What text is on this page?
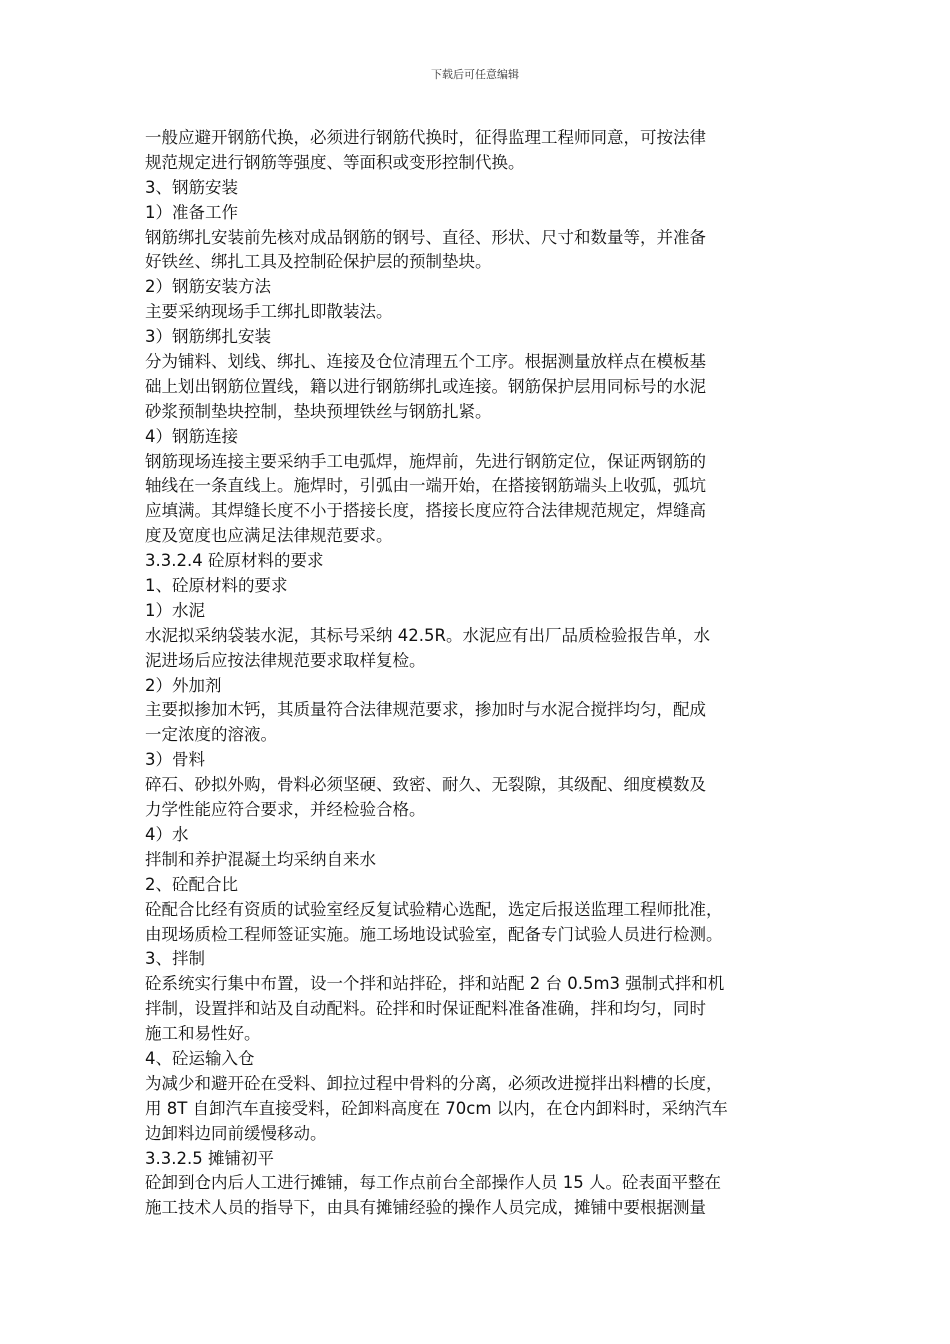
下载后可任意编辑
一般应避开钢筋代换，必须进行钢筋代换时，征得监理工程师同意，可按法律
规范规定进行钢筋等强度、等面积或变形控制代换。
3、钢筋安装
1）准备工作
钢筋绑扎安装前先核对成品钢筋的钢号、直径、形状、尺寸和数量等，并准备
好铁丝、绑扎工具及控制砼保护层的预制垫块。
2）钢筋安装方法
主要采纳现场手工绑扎即散装法。
3）钢筋绑扎安装
分为铺料、划线、绑扎、连接及仓位清理五个工序。根据测量放样点在模板基
础上划出钢筋位置线，籍以进行钢筋绑扎或连接。钢筋保护层用同标号的水泥
砂浆预制垫块控制，垫块预埋铁丝与钢筋扎紧。
4）钢筋连接
钢筋现场连接主要采纳手工电弧焊，施焊前，先进行钢筋定位，保证两钢筋的
轴线在一条直线上。施焊时，引弧由一端开始，在搭接钢筋端头上收弧，弧坑
应填满。其焊缝长度不小于搭接长度，搭接长度应符合法律规范规定，焊缝高
度及宽度也应满足法律规范要求。
3.3.2.4 砼原材料的要求
1、砼原材料的要求
1）水泥
水泥拟采纳袋装水泥，其标号采纳 42.5R。水泥应有出厂品质检验报告单，水
泥进场后应按法律规范要求取样复检。
2）外加剂
主要拟掺加木钙，其质量符合法律规范要求，掺加时与水泥合搅拌均匀，配成
一定浓度的溶液。
3）骨料
碎石、砂拟外购，骨料必须坚硬、致密、耐久、无裂隙，其级配、细度模数及
力学性能应符合要求，并经检验合格。
4）水
拌制和养护混凝土均采纳自来水
2、砼配合比
砼配合比经有资质的试验室经反复试验精心选配，选定后报送监理工程师批准，
由现场质检工程师签证实施。施工场地设试验室，配备专门试验人员进行检测。
3、拌制
砼系统实行集中布置，设一个拌和站拌砼，拌和站配 2 台 0.5m3 强制式拌和机
拌制，设置拌和站及自动配料。砼拌和时保证配料准备准确，拌和均匀，同时
施工和易性好。
4、砼运输入仓
为减少和避开砼在受料、卸拉过程中骨料的分离，必须改进搅拌出料槽的长度，
用 8T 自卸汽车直接受料，砼卸料高度在 70cm 以内，在仓内卸料时，采纳汽车
边卸料边同前缓慢移动。
3.3.2.5 摊铺初平
砼卸到仓内后人工进行摊铺，每工作点前台全部操作人员 15 人。砼表面平整在
施工技术人员的指导下，由具有摊铺经验的操作人员完成，摊铺中要根据测量
